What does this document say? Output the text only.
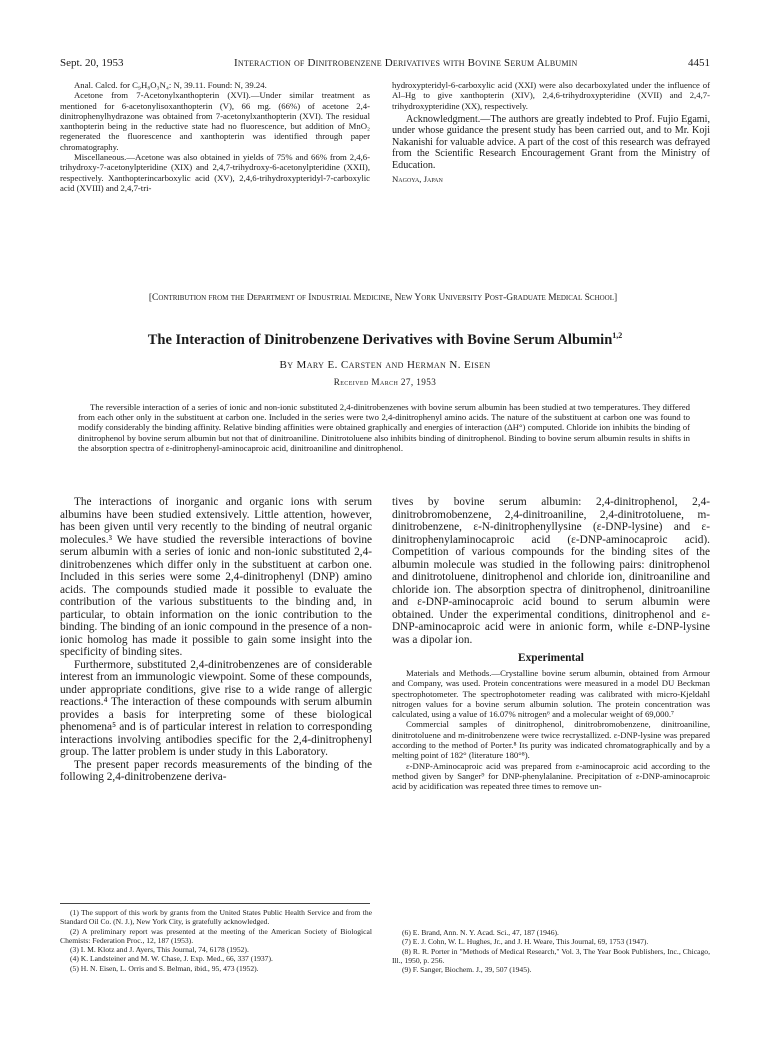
Sept. 20, 1953	Interaction of Dinitrobenzene Derivatives with Bovine Serum Albumin	4451

Anal. Calcd. for C₉H₈O₃N₄: N, 39.11. Found: N, 39.24.

Acetone from 7-Acetonylxanthopterin (XVI).—Under similar treatment as mentioned for 6-acetonylisoxanthopterin (V), 66 mg. (66%) of acetone 2,4-dinitrophenylhydrazone was obtained from 7-acetonylxanthopterin (XVI). The residual xanthopterin being in the reductive state had no fluorescence, but addition of MnO₂ regenerated the fluorescence and xanthopterin was identified through paper chromatography.

Miscellaneous.—Acetone was also obtained in yields of 75% and 66% from 2,4,6-trihydroxy-7-acetonylpteridine (XIX) and 2,4,7-trihydroxy-6-acetonylpteridine (XXII), respectively. Xanthopterincarboxylic acid (XV), 2,4,6-trihydroxypteridyl-7-carboxylic acid (XVIII) and 2,4,7-tri-

hydroxypteridyl-6-carboxylic acid (XXI) were also decarboxylated under the influence of Al–Hg to give xanthopterin (XIV), 2,4,6-trihydroxypteridine (XVII) and 2,4,7-trihydroxypteridine (XX), respectively.

Acknowledgment.—The authors are greatly indebted to Prof. Fujio Egami, under whose guidance the present study has been carried out, and to Mr. Koji Nakanishi for valuable advice. A part of the cost of this research was defrayed from the Scientific Research Encouragement Grant from the Ministry of Education.

Nagoya, Japan

[Contribution from the Department of Industrial Medicine, New York University Post-Graduate Medical School]
The Interaction of Dinitrobenzene Derivatives with Bovine Serum Albumin$^{1,2}$
By Mary E. Carsten and Herman N. Eisen
Received March 27, 1953
The reversible interaction of a series of ionic and non-ionic substituted 2,4-dinitrobenzenes with bovine serum albumin has been studied at two temperatures. They differed from each other only in the substituent at carbon one. Included in the series were two 2,4-dinitrophenyl amino acids. The nature of the substituent at carbon one was found to modify considerably the binding affinity. Relative binding affinities were obtained graphically and energies of interaction (ΔH°) computed. Chloride ion inhibits the binding of dinitrophenol by bovine serum albumin but not that of dinitroaniline. Dinitrotoluene also inhibits binding of dinitrophenol. Binding to bovine serum albumin results in shifts in the absorption spectra of ε-dinitrophenyl-aminocaproic acid, dinitroaniline and dinitrophenol.

The interactions of inorganic and organic ions with serum albumins have been studied extensively. Little attention, however, has been given until very recently to the binding of neutral organic molecules.³ We have studied the reversible interactions of bovine serum albumin with a series of ionic and non-ionic substituted 2,4-dinitrobenzenes which differ only in the substituent at carbon one. Included in this series were some 2,4-dinitrophenyl (DNP) amino acids. The compounds studied made it possible to evaluate the contribution of the various substituents to the binding and, in particular, to obtain information on the ionic contribution to the binding. The binding of an ionic compound in the presence of a non-ionic homolog has made it possible to gain some insight into the specificity of binding sites.

Furthermore, substituted 2,4-dinitrobenzenes are of considerable interest from an immunologic viewpoint. Some of these compounds, under appropriate conditions, give rise to a wide range of allergic reactions.⁴ The interaction of these compounds with serum albumin provides a basis for interpreting some of these biological phenomena⁵ and is of particular interest in relation to corresponding interactions involving antibodies specific for the 2,4-dinitrophenyl group. The latter problem is under study in this Laboratory.

The present paper records measurements of the binding of the following 2,4-dinitrobenzene deriva-

(1) The support of this work by grants from the United States Public Health Service and from the Standard Oil Co. (N. J.), New York City, is gratefully acknowledged.

(2) A preliminary report was presented at the meeting of the American Society of Biological Chemists: Federation Proc., 12, 187 (1953).

(3) I. M. Klotz and J. Ayers, This Journal, 74, 6178 (1952).

(4) K. Landsteiner and M. W. Chase, J. Exp. Med., 66, 337 (1937).

(5) H. N. Eisen, L. Orris and S. Belman, ibid., 95, 473 (1952).

tives by bovine serum albumin: 2,4-dinitrophenol, 2,4-dinitrobromobenzene, 2,4-dinitroaniline, 2,4-dinitrotoluene, m-dinitrobenzene, ε-N-dinitrophenyllysine (ε-DNP-lysine) and ε-dinitrophenylaminocaproic acid (ε-DNP-aminocaproic acid). Competition of various compounds for the binding sites of the albumin molecule was studied in the following pairs: dinitrophenol and dinitrotoluene, dinitrophenol and chloride ion, dinitroaniline and chloride ion. The absorption spectra of dinitrophenol, dinitroaniline and ε-DNP-aminocaproic acid bound to serum albumin were obtained. Under the experimental conditions, dinitrophenol and ε-DNP-aminocaproic acid were in anionic form, while ε-DNP-lysine was a dipolar ion.

Experimental

Materials and Methods.—Crystalline bovine serum albumin, obtained from Armour and Company, was used. Protein concentrations were measured in a model DU Beckman spectrophotometer. The spectrophotometer reading was calibrated with micro-Kjeldahl nitrogen values for a bovine serum albumin solution. The protein concentration was calculated, using a value of 16.07% nitrogen⁶ and a molecular weight of 69,000.⁷

Commercial samples of dinitrophenol, dinitrobromobenzene, dinitroaniline, dinitrotoluene and m-dinitrobenzene were twice recrystallized. ε-DNP-lysine was prepared according to the method of Porter.⁸ Its purity was indicated chromatographically and by a melting point of 182° (literature 180°⁸).

ε-DNP-Aminocaproic acid was prepared from ε-aminocaproic acid according to the method given by Sanger⁹ for DNP-phenylalanine. Precipitation of ε-DNP-aminocaproic acid by acidification was repeated three times to remove un-

(6) E. Brand, Ann. N. Y. Acad. Sci., 47, 187 (1946).

(7) E. J. Cohn, W. L. Hughes, Jr., and J. H. Weare, This Journal, 69, 1753 (1947).

(8) R. R. Porter in "Methods of Medical Research," Vol. 3, The Year Book Publishers, Inc., Chicago, Ill., 1950, p. 256.

(9) F. Sanger, Biochem. J., 39, 507 (1945).
